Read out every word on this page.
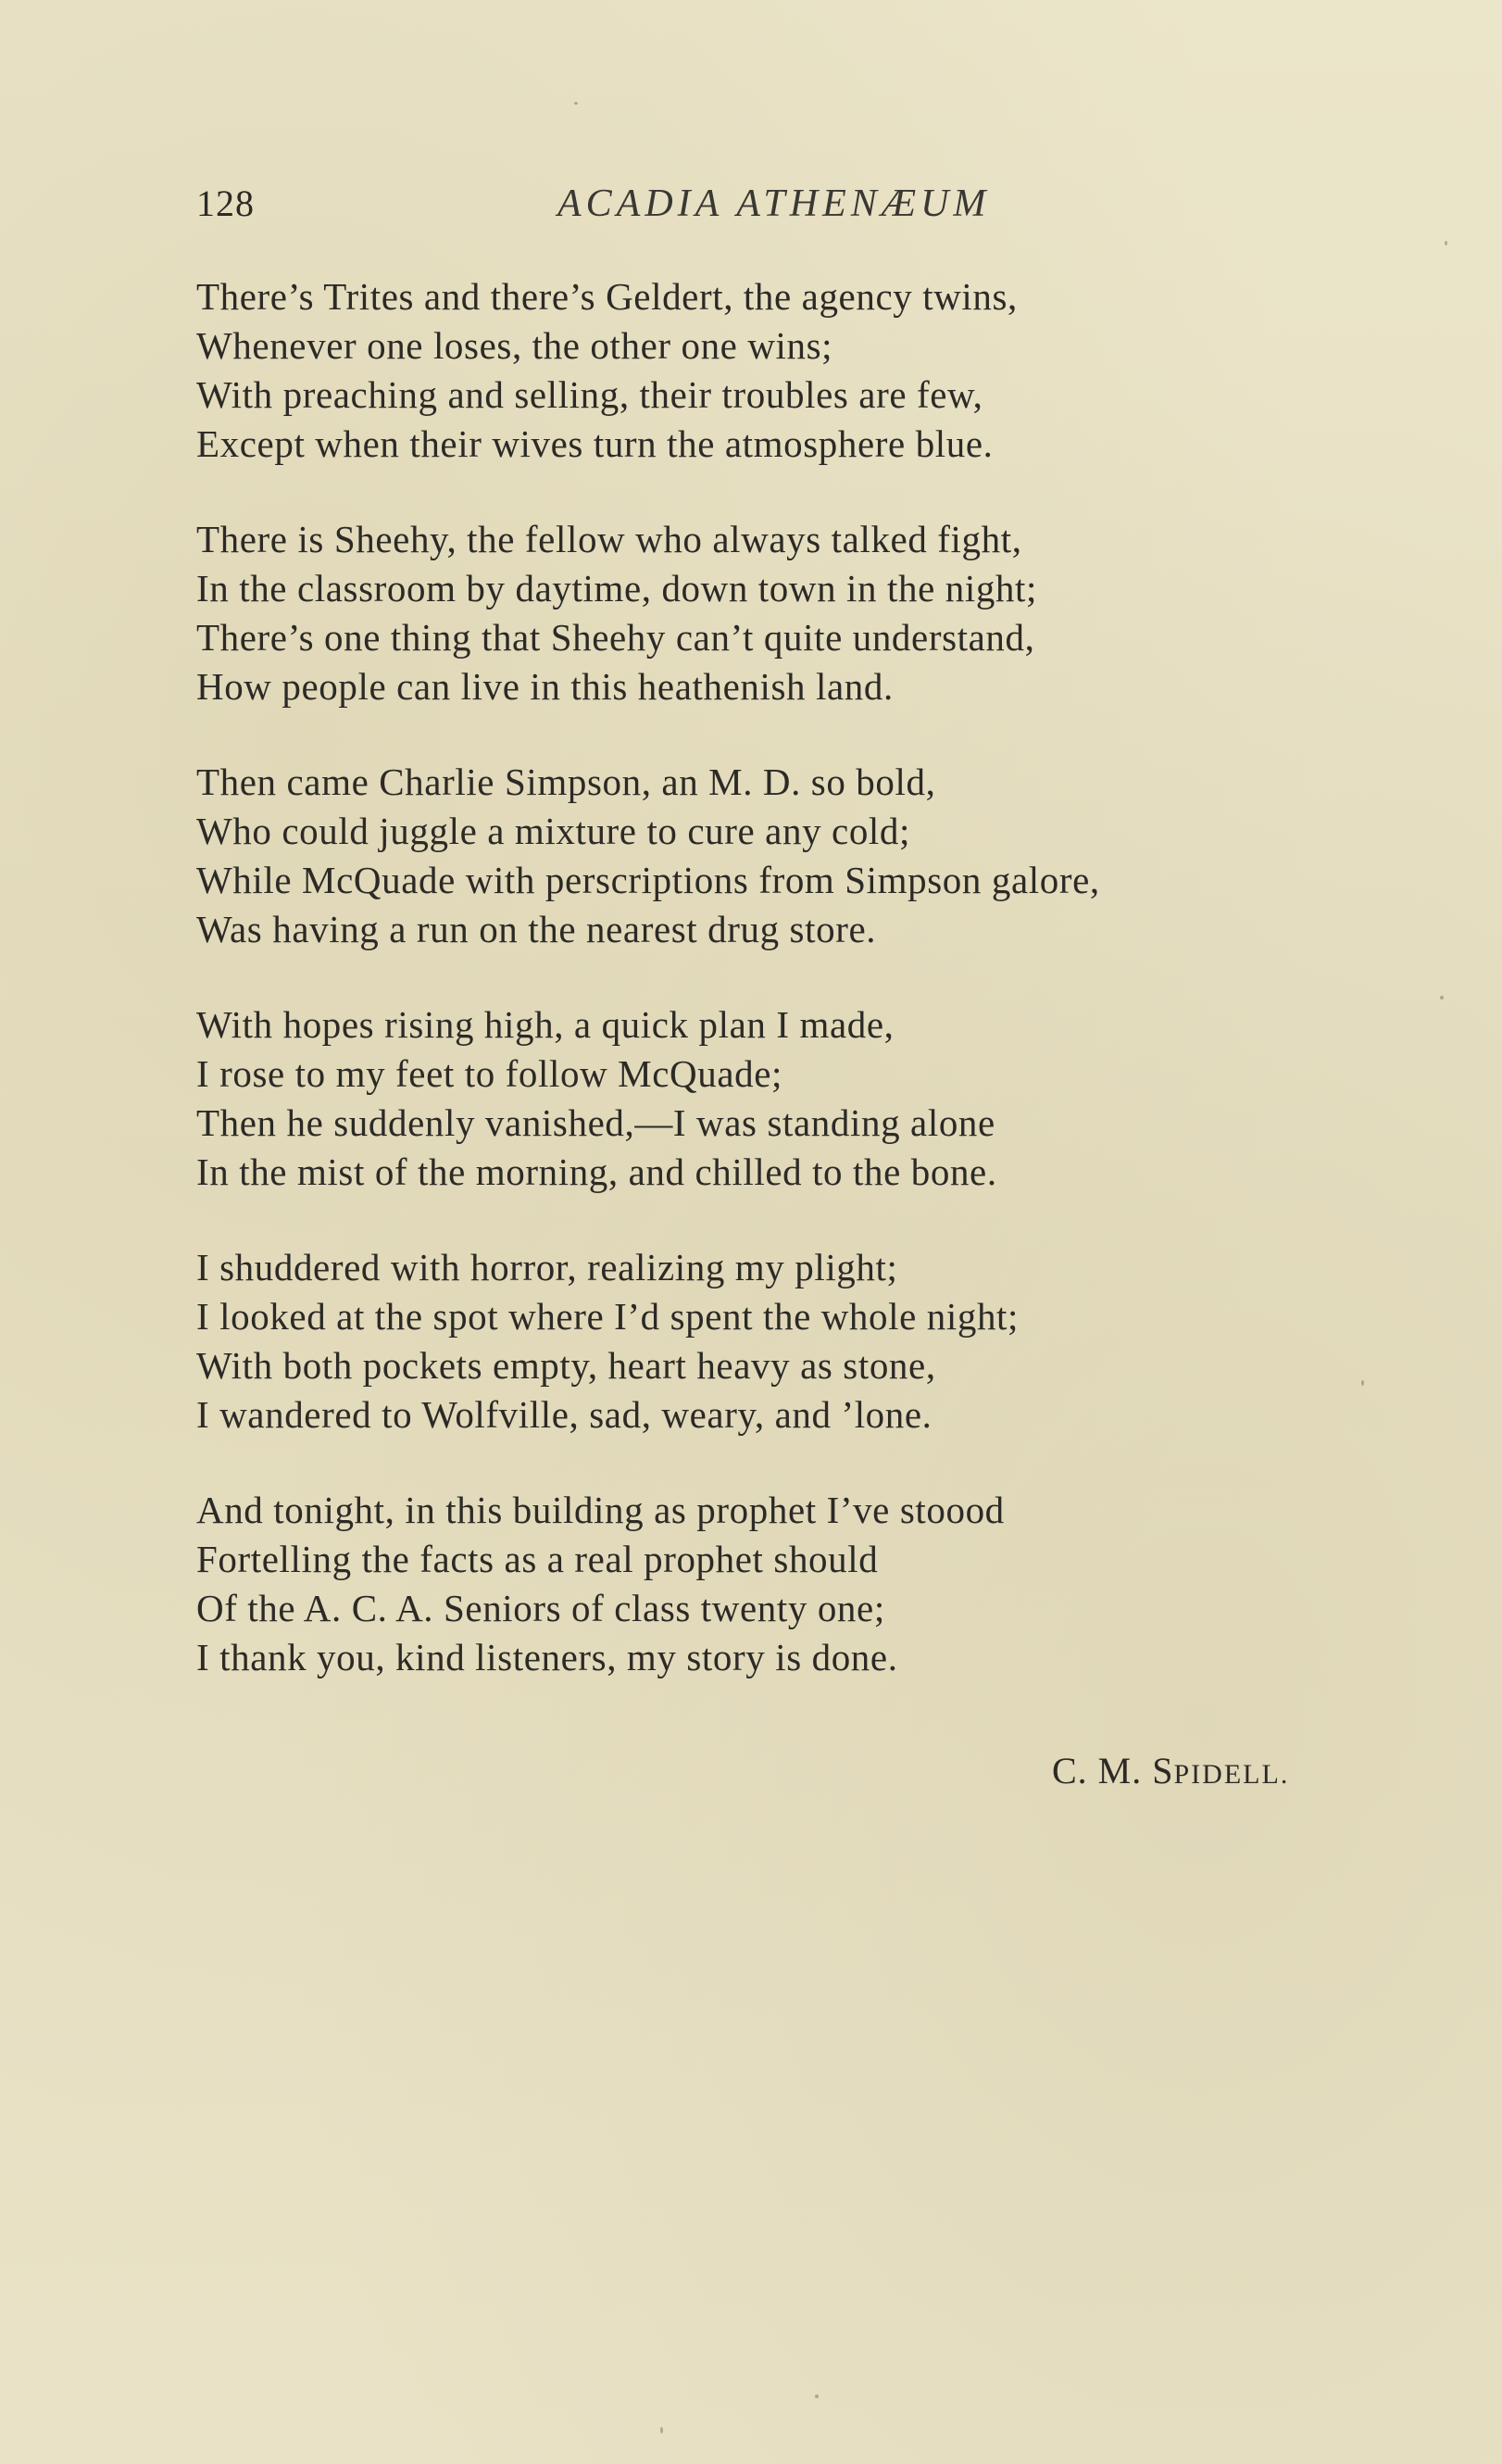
128	ACADIA ATHENÆUM
There’s Trites and there’s Geldert, the agency twins,
Whenever one loses, the other one wins;
With preaching and selling, their troubles are few,
Except when their wives turn the atmosphere blue.
There is Sheehy, the fellow who always talked fight,
In the classroom by daytime, down town in the night;
There’s one thing that Sheehy can’t quite understand,
How people can live in this heathenish land.
Then came Charlie Simpson, an M. D. so bold,
Who could juggle a mixture to cure any cold;
While McQuade with perscriptions from Simpson galore,
Was having a run on the nearest drug store.
With hopes rising high, a quick plan I made,
I rose to my feet to follow McQuade;
Then he suddenly vanished,—I was standing alone
In the mist of the morning, and chilled to the bone.
I shuddered with horror, realizing my plight;
I looked at the spot where I’d spent the whole night;
With both pockets empty, heart heavy as stone,
I wandered to Wolfville, sad, weary, and ’lone.
And tonight, in this building as prophet I’ve stoood
Fortelling the facts as a real prophet should
Of the A. C. A. Seniors of class twenty one;
I thank you, kind listeners, my story is done.
C. M. SPIDELL.
